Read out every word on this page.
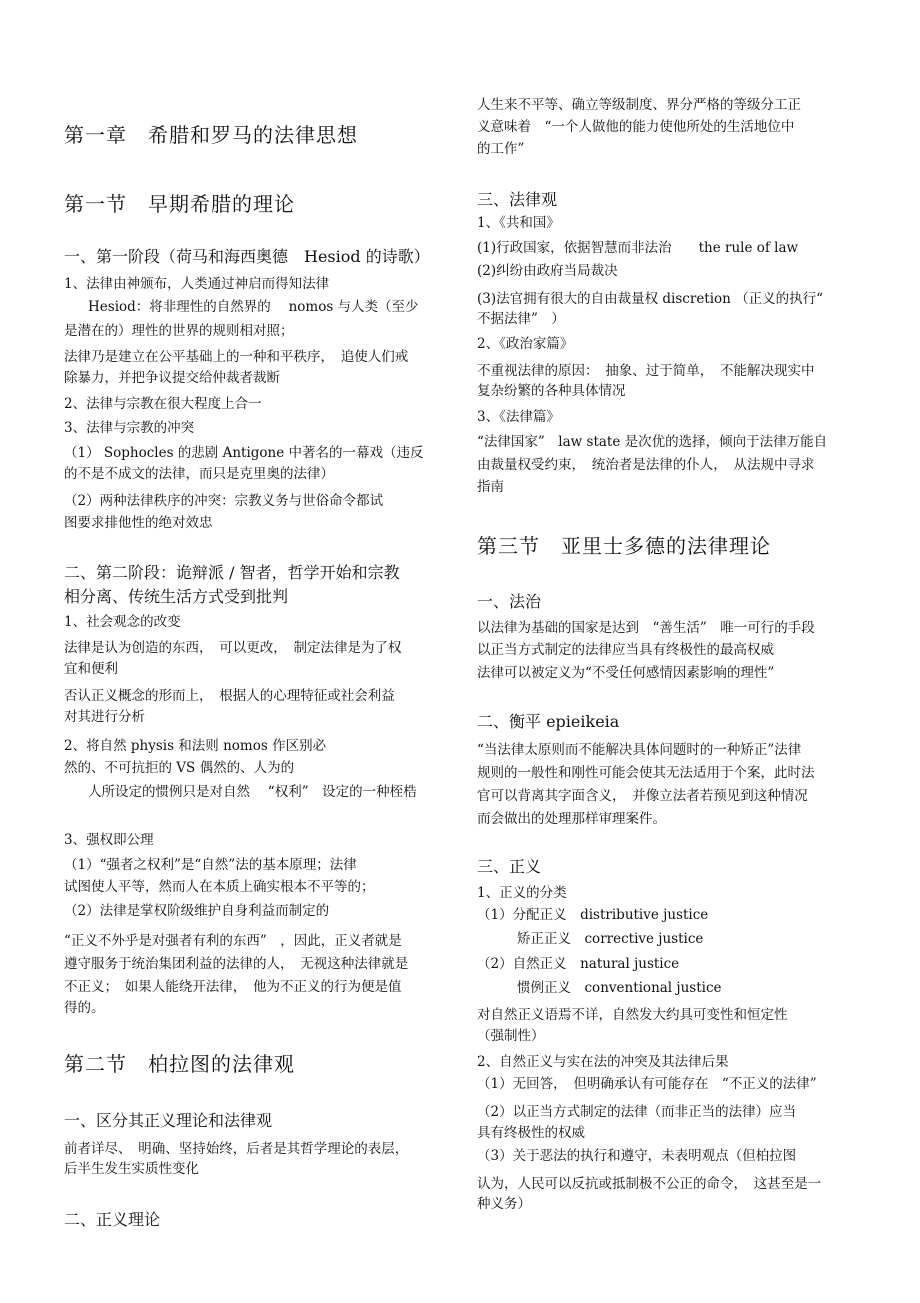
第一章　希腊和罗马的法律思想
第一节　早期希腊的理论
一、第一阶段（荷马和海西奥德　Hesiod 的诗歌）
1、法律由神颁布，人类通过神启而得知法律
Hesiod：将非理性的自然界的　 nomos 与人类（至少
是潜在的）理性的世界的规则相对照；
法律乃是建立在公平基础上的一种和平秩序，　追使人们戒
除暴力，并把争议提交给仲裁者裁断
2、法律与宗教在很大程度上合一
3、法律与宗教的冲突
（1） Sophocles 的悲剧 Antigone 中著名的一幕戏（违反
的不是不成文的法律，而只是克里奥的法律）
（2）两种法律秩序的冲突：宗教义务与世俗命令都试
图要求排他性的绝对效忠
二、第二阶段：诡辩派 / 智者，哲学开始和宗教
相分离、传统生活方式受到批判
1、社会观念的改变
法律是认为创造的东西，　可以更改，　制定法律是为了权
宜和便利
否认正义概念的形而上，　根据人的心理特征或社会利益
对其进行分析
2、将自然 physis 和法则 nomos 作区别必
然的、不可抗拒的 VS 偶然的、人为的
人所设定的惯例只是对自然　 “权利”　设定的一种桎梏
3、强权即公理
（1）“强者之权利”是“自然”法的基本原理；法律
试图使人平等，然而人在本质上确实根本不平等的；
（2）法律是掌权阶级维护自身利益而制定的
“正义不外乎是对强者有利的东西”　，因此，正义者就是
遵守服务于统治集团利益的法律的人，　无视这种法律就是
不正义；　如果人能绕开法律，　他为不正义的行为便是值
得的。
第二节　柏拉图的法律观
一、区分其正义理论和法律观
前者详尽、　明确、坚持始终，后者是其哲学理论的表层，
后半生发生实质性变化
二、正义理论
人生来不平等、确立等级制度、界分严格的等级分工正
义意味着　“一个人做他的能力使他所处的生活地位中
的工作”
三、法律观
1、《共和国》
(1)行政国家，依据智慧而非法治　　the rule of law
(2)纠纷由政府当局裁决
(3)法官拥有很大的自由裁量权 discretion （正义的执行“
不据法律”　）
2、《政治家篇》
不重视法律的原因：　抽象、过于简单，　不能解决现实中
复杂纷繁的各种具体情况
3、《法律篇》
“法律国家”　law state 是次优的选择，倾向于法律万能自
由裁量权受约束，　统治者是法律的仆人，　从法规中寻求
指南
第三节　亚里士多德的法律理论
一、法治
以法律为基础的国家是达到　“善生活”　唯一可行的手段
以正当方式制定的法律应当具有终极性的最高权威
法律可以被定义为“不受任何感情因素影响的理性”
二、衡平 epieikeia
“当法律太原则而不能解决具体问题时的一种矫正”法律
规则的一般性和刚性可能会使其无法适用于个案，此时法
官可以背离其字面含义，　并像立法者若预见到这种情况
而会做出的处理那样审理案件。
三、正义
1、正义的分类
（1）分配正义　distributive justice
矫正正义　corrective justice
（2）自然正义　natural justice
惯例正义　conventional justice
对自然正义语焉不详，自然发大约具可变性和恒定性
（强制性）
2、自然正义与实在法的冲突及其法律后果
（1）无回答，　但明确承认有可能存在　“不正义的法律”
（2）以正当方式制定的法律（而非正当的法律）应当
具有终极性的权威
（3）关于恶法的执行和遵守，未表明观点（但柏拉图
认为，人民可以反抗或抵制极不公正的命令，　这甚至是一
种义务）
